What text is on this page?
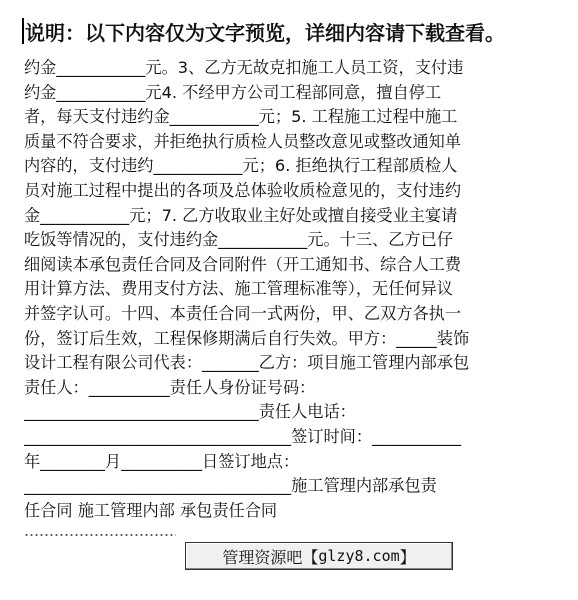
说明：以下内容仅为文字预览，详细内容请下载查看。
约金___________元。3、乙方无故克扣施工人员工资，支付违
约金___________元4. 不经甲方公司工程部同意，擅自停工
者，每天支付违约金___________元；5. 工程施工过程中施工
质量不符合要求，并拒绝执行质检人员整改意见或整改通知单
内容的，支付违约___________元；6. 拒绝执行工程部质检人
员对施工过程中提出的各项及总体验收质检意见的，支付违约
金___________元；7. 乙方收取业主好处或擅自接受业主宴请
吃饭等情况的，支付违约金___________元。十三、乙方已仔
细阅读本承包责任合同及合同附件（开工通知书、综合人工费
用计算方法、费用支付方法、施工管理标准等），无任何异议
并签字认可。十四、本责任合同一式两份，甲、乙双方各执一
份，签订后生效，工程保修期满后自行失效。甲方：_____装饰
设计工程有限公司代表：_______乙方：项目施工管理内部承包
责任人：__________责任人身份证号码：
_____________________________责任人电话：
_________________________________签订时间：___________
年________月__________日签订地点：
_________________________________施工管理内部承包责
任合同 施工管理内部 承包责任合同
管理资源吧【 glzy8.com 】
